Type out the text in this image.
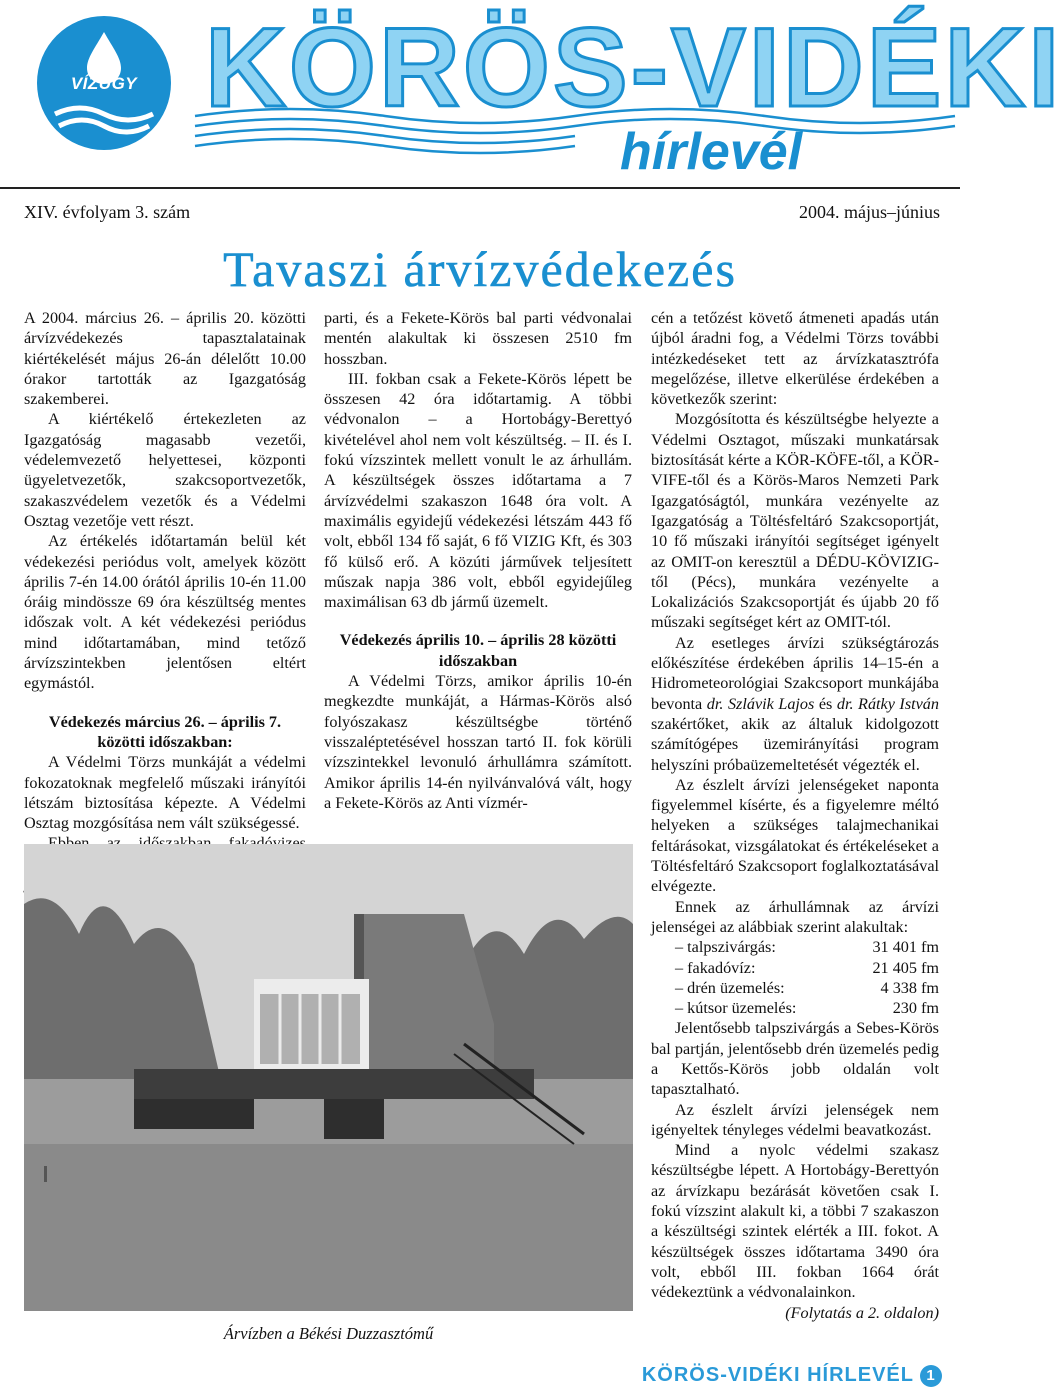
VÍZÜGY KÖRÖS-VIDÉKI
hírlevél
XIV. évfolyam 3. szám	2004. május–június
Tavaszi árvízvédekezés

A 2004. március 26. – április 20. közötti árvízvédekezés tapasztalatainak kiértékelését május 26-án délelőtt 10.00 órakor tartották az Igazgatóság szakemberei.

A kiértékelő értekezleten az Igazgatóság magasabb vezetői, védelemvezető helyettesei, központi ügyeletvezetők, szakcsoportvezetők, szakaszvédelem vezetők és a Védelmi Osztag vezetője vett részt.

Az értékelés időtartamán belül két védekezési periódus volt, amelyek között április 7-én 14.00 órától április 10-én 11.00 óráig mindössze 69 óra készültség mentes időszak volt. A két védekezési periódus mind időtartamában, mind tetőző árvízszintekben jelentősen eltért egymástól.

Védekezés március 26. – április 7. közötti időszakban:

A Védelmi Törzs munkáját a védelmi fokozatoknak megfelelő műszaki irányítói létszám biztosítása képezte. A Védelmi Osztag mozgósítása nem vált szükségessé.

parti, és a Fekete-Körös bal parti védvonalai mentén alakultak ki összesen 2510 fm hosszban.

III. fokban csak a Fekete-Körös lépett be összesen 42 óra időtartamig. A többi védvonalon – a Hortobágy-Berettyó kivételével ahol nem volt készültség. – II. és I. fokú vízszintek mellett vonult le az árhullám. A készültségek összes időtartama a 7 árvízvédelmi szakaszon 1648 óra volt. A maximális egyidejű védekezési létszám 443 fő volt, ebből 134 fő saját, 6 fő VIZIG Kft, és 303 fő külső erő. A közúti járművek teljesített műszak napja 386 volt, ebből egyidejűleg maximálisan 63 db jármű üzemelt.

Védekezés április 10. – április 28 közötti időszakban

A Védelmi Törzs, amikor április 10-én megkezdte munkáját, a Hármas-Körös alsó folyószakasz készültségbe történő visszaléptetésével hosszan tartó II. fok körüli vízszintekkel levonuló árhullámra számított. Amikor április 14-én nyilvánvalóvá vált, hogy a Fekete-Körös az Anti vízmér-

Árvízben a Békési Duzzasztómű

cén a tetőzést követő átmeneti apadás után újból áradni fog, a Védelmi Törzs további intézkedéseket tett az árvízkatasztrófa megelőzése, illetve elkerülése érdekében a következők szerint:

Mozgósította és készültségbe helyezte a Védelmi Osztagot, műszaki munkatársak biztosítását kérte a KÖR-KÖFE-től, a KÖR-VIFE-től és a Körös-Maros Nemzeti Park Igazgatóságtól, munkára vezényelte az Igazgatóság a Töltésfeltáró Szakcsoportját, 10 fő műszaki irányítói segítséget igényelt az OMIT-on keresztül a DÉDU-KÖVIZIG-től (Pécs), munkára vezényelte a Lokalizációs Szakcsoportját és újabb 20 fő műszaki segítséget kért az OMIT-tól.

Az esetleges árvízi szükségtározás előkészítése érdekében április 14–15-én a Hidrometeorológiai Szakcsoport munkájába bevonta dr. Szlávik Lajos és dr. Rátky István szakértőket, akik az általuk kidolgozott számítógépes üzemirányítási program helyszíni próbaüzemeltetését végezték el.

Az észlelt árvízi jelenségeket naponta figyelemmel kísérte, és a figyelemre méltó helyeken a szükséges talajmechanikai feltárásokat, vizsgálatokat és értékeléseket a Töltésfeltáró Szakcsoport foglalkoztatásával elvégezte.

Ennek az árhullámnak az árvízi jelenségei az alábbiak szerint alakultak:

– talpszivárgás:	31 401 fm
– fakadóvíz:	21 405 fm
– drén üzemelés:	4 338 fm
– kútsor üzemelés:	230 fm

Jelentősebb talpszivárgás a Sebes-Körös bal partján, jelentősebb drén üzemelés pedig a Kettős-Körös jobb oldalán volt tapasztalható.

Az észlelt árvízi jelenségek nem igényeltek tényleges védelmi beavatkozást.

Mind a nyolc védelmi szakasz készültségbe lépett. A Hortobágy-Berettyón az árvízkapu bezárását követően csak I. fokú vízszint alakult ki, a többi 7 szakaszon a készültségi szintek elérték a III. fokot. A készültségek összes időtartama 3490 óra volt, ebből III. fokban 1664 órát védekeztünk a védvonalainkon.

(Folytatás a 2. oldalon)

KÖRÖS-VIDÉKI HÍRLEVÉL 1
